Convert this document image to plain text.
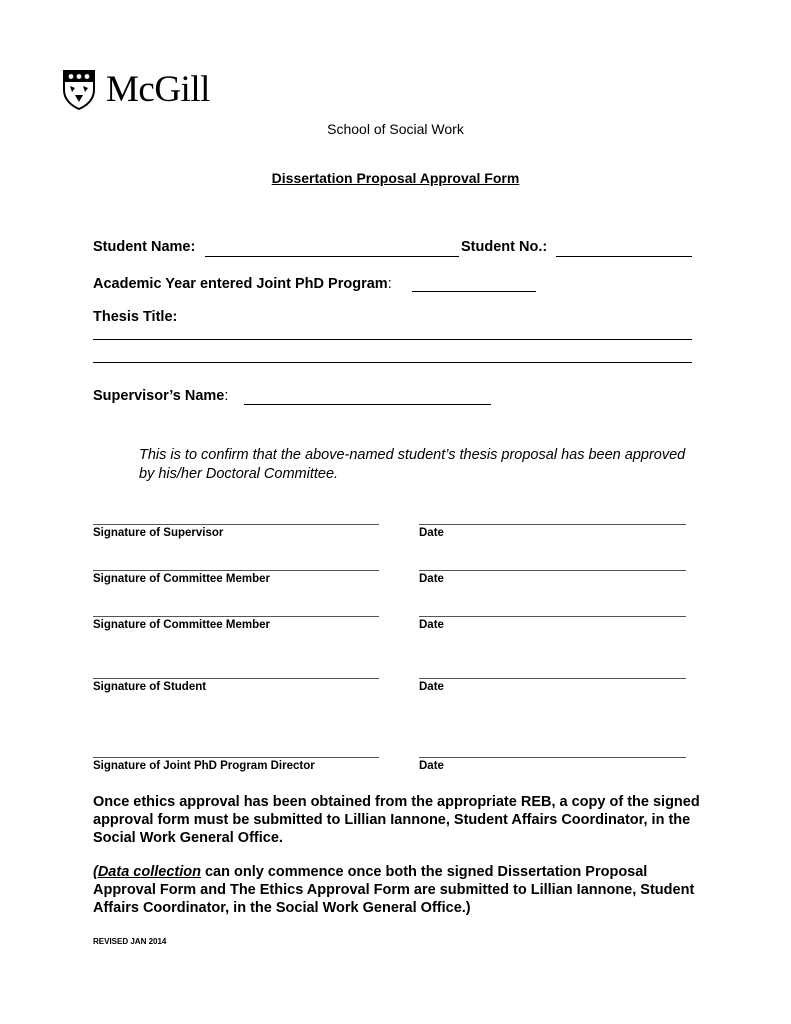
McGill
School of Social Work
Dissertation Proposal Approval Form
Student Name:	Student No.:
Academic Year entered Joint PhD Program:
Thesis Title:
Supervisor’s Name:
This is to confirm that the above-named student’s thesis proposal has been approved by his/her Doctoral Committee.
Signature of Supervisor	Date
Signature of Committee Member	Date
Signature of Committee Member	Date
Signature of Student	Date
Signature of Joint PhD Program Director	Date
Once ethics approval has been obtained from the appropriate REB, a copy of the signed approval form must be submitted to Lillian Iannone, Student Affairs Coordinator, in the Social Work General Office.
(Data collection can only commence once both the signed Dissertation Proposal Approval Form and The Ethics Approval Form are submitted to Lillian Iannone, Student Affairs Coordinator, in the Social Work General Office.)
REVISED JAN 2014
